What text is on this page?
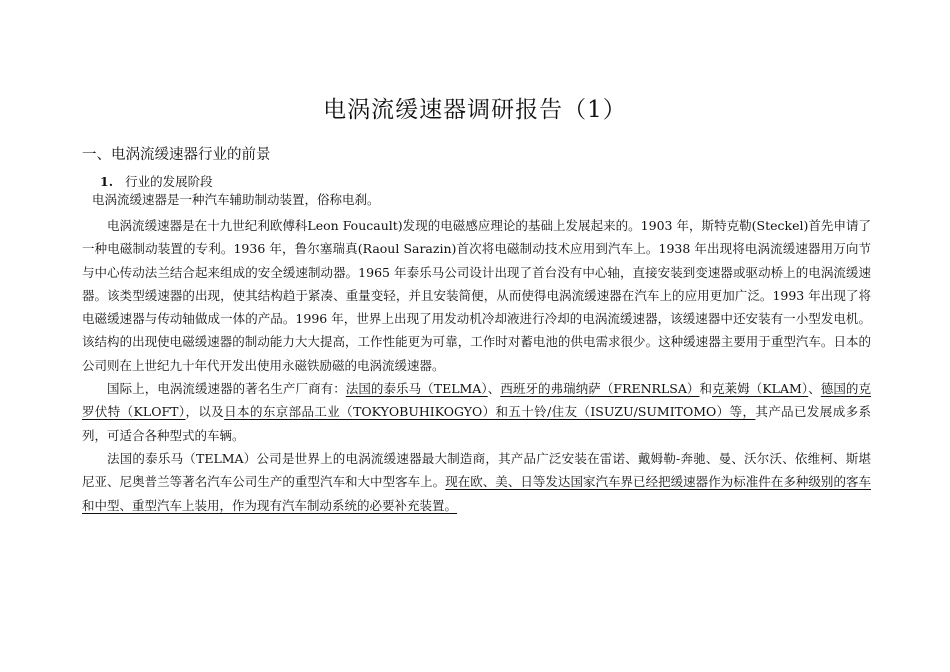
电涡流缓速器调研报告（1）
一、电涡流缓速器行业的前景
1. 行业的发展阶段
电涡流缓速器是一种汽车辅助制动装置，俗称电刹。

电涡流缓速器是在十九世纪利欧傅科Leon Foucault)发现的电磁感应理论的基础上发展起来的。1903 年，斯特克勒(Steckel)首先申请了一种电磁制动装置的专利。1936 年，鲁尔塞瑞真(Raoul Sarazin)首次将电磁制动技术应用到汽车上。1938 年出现将电涡流缓速器用万向节与中心传动法兰结合起来组成的安全缓速制动器。1965 年泰乐马公司设计出现了首台没有中心轴，直接安装到变速器或驱动桥上的电涡流缓速器。该类型缓速器的出现，使其结构趋于紧凑、重量变轻，并且安装简便，从而使得电涡流缓速器在汽车上的应用更加广泛。1993 年出现了将电磁缓速器与传动轴做成一体的产品。1996 年，世界上出现了用发动机冷却液进行冷却的电涡流缓速器，该缓速器中还安装有一小型发电机。该结构的出现使电磁缓速器的制动能力大大提高，工作性能更为可靠，工作时对蓄电池的供电需求很少。这种缓速器主要用于重型汽车。日本的公司则在上世纪九十年代开发出使用永磁铁励磁的电涡流缓速器。

国际上，电涡流缓速器的著名生产厂商有：法国的泰乐马（TELMA）、西班牙的弗瑞纳萨（FRENRLSA）和克莱姆（KLAM）、德国的克罗伏特（KLOFT），以及日本的东京部品工业（TOKYOBUHIKOGYO）和五十铃/住友（ISUZU/SUMITOMO）等，其产品已发展成多系列，可适合各种型式的车辆。

法国的泰乐马（TELMA）公司是世界上的电涡流缓速器最大制造商，其产品广泛安装在雷诺、戴姆勒-奔驰、曼、沃尔沃、依维柯、斯堪尼亚、尼奥普兰等著名汽车公司生产的重型汽车和大中型客车上。现在欧、美、日等发达国家汽车界已经把缓速器作为标准件在多种级别的客车和中型、重型汽车上装用，作为现有汽车制动系统的必要补充装置。
